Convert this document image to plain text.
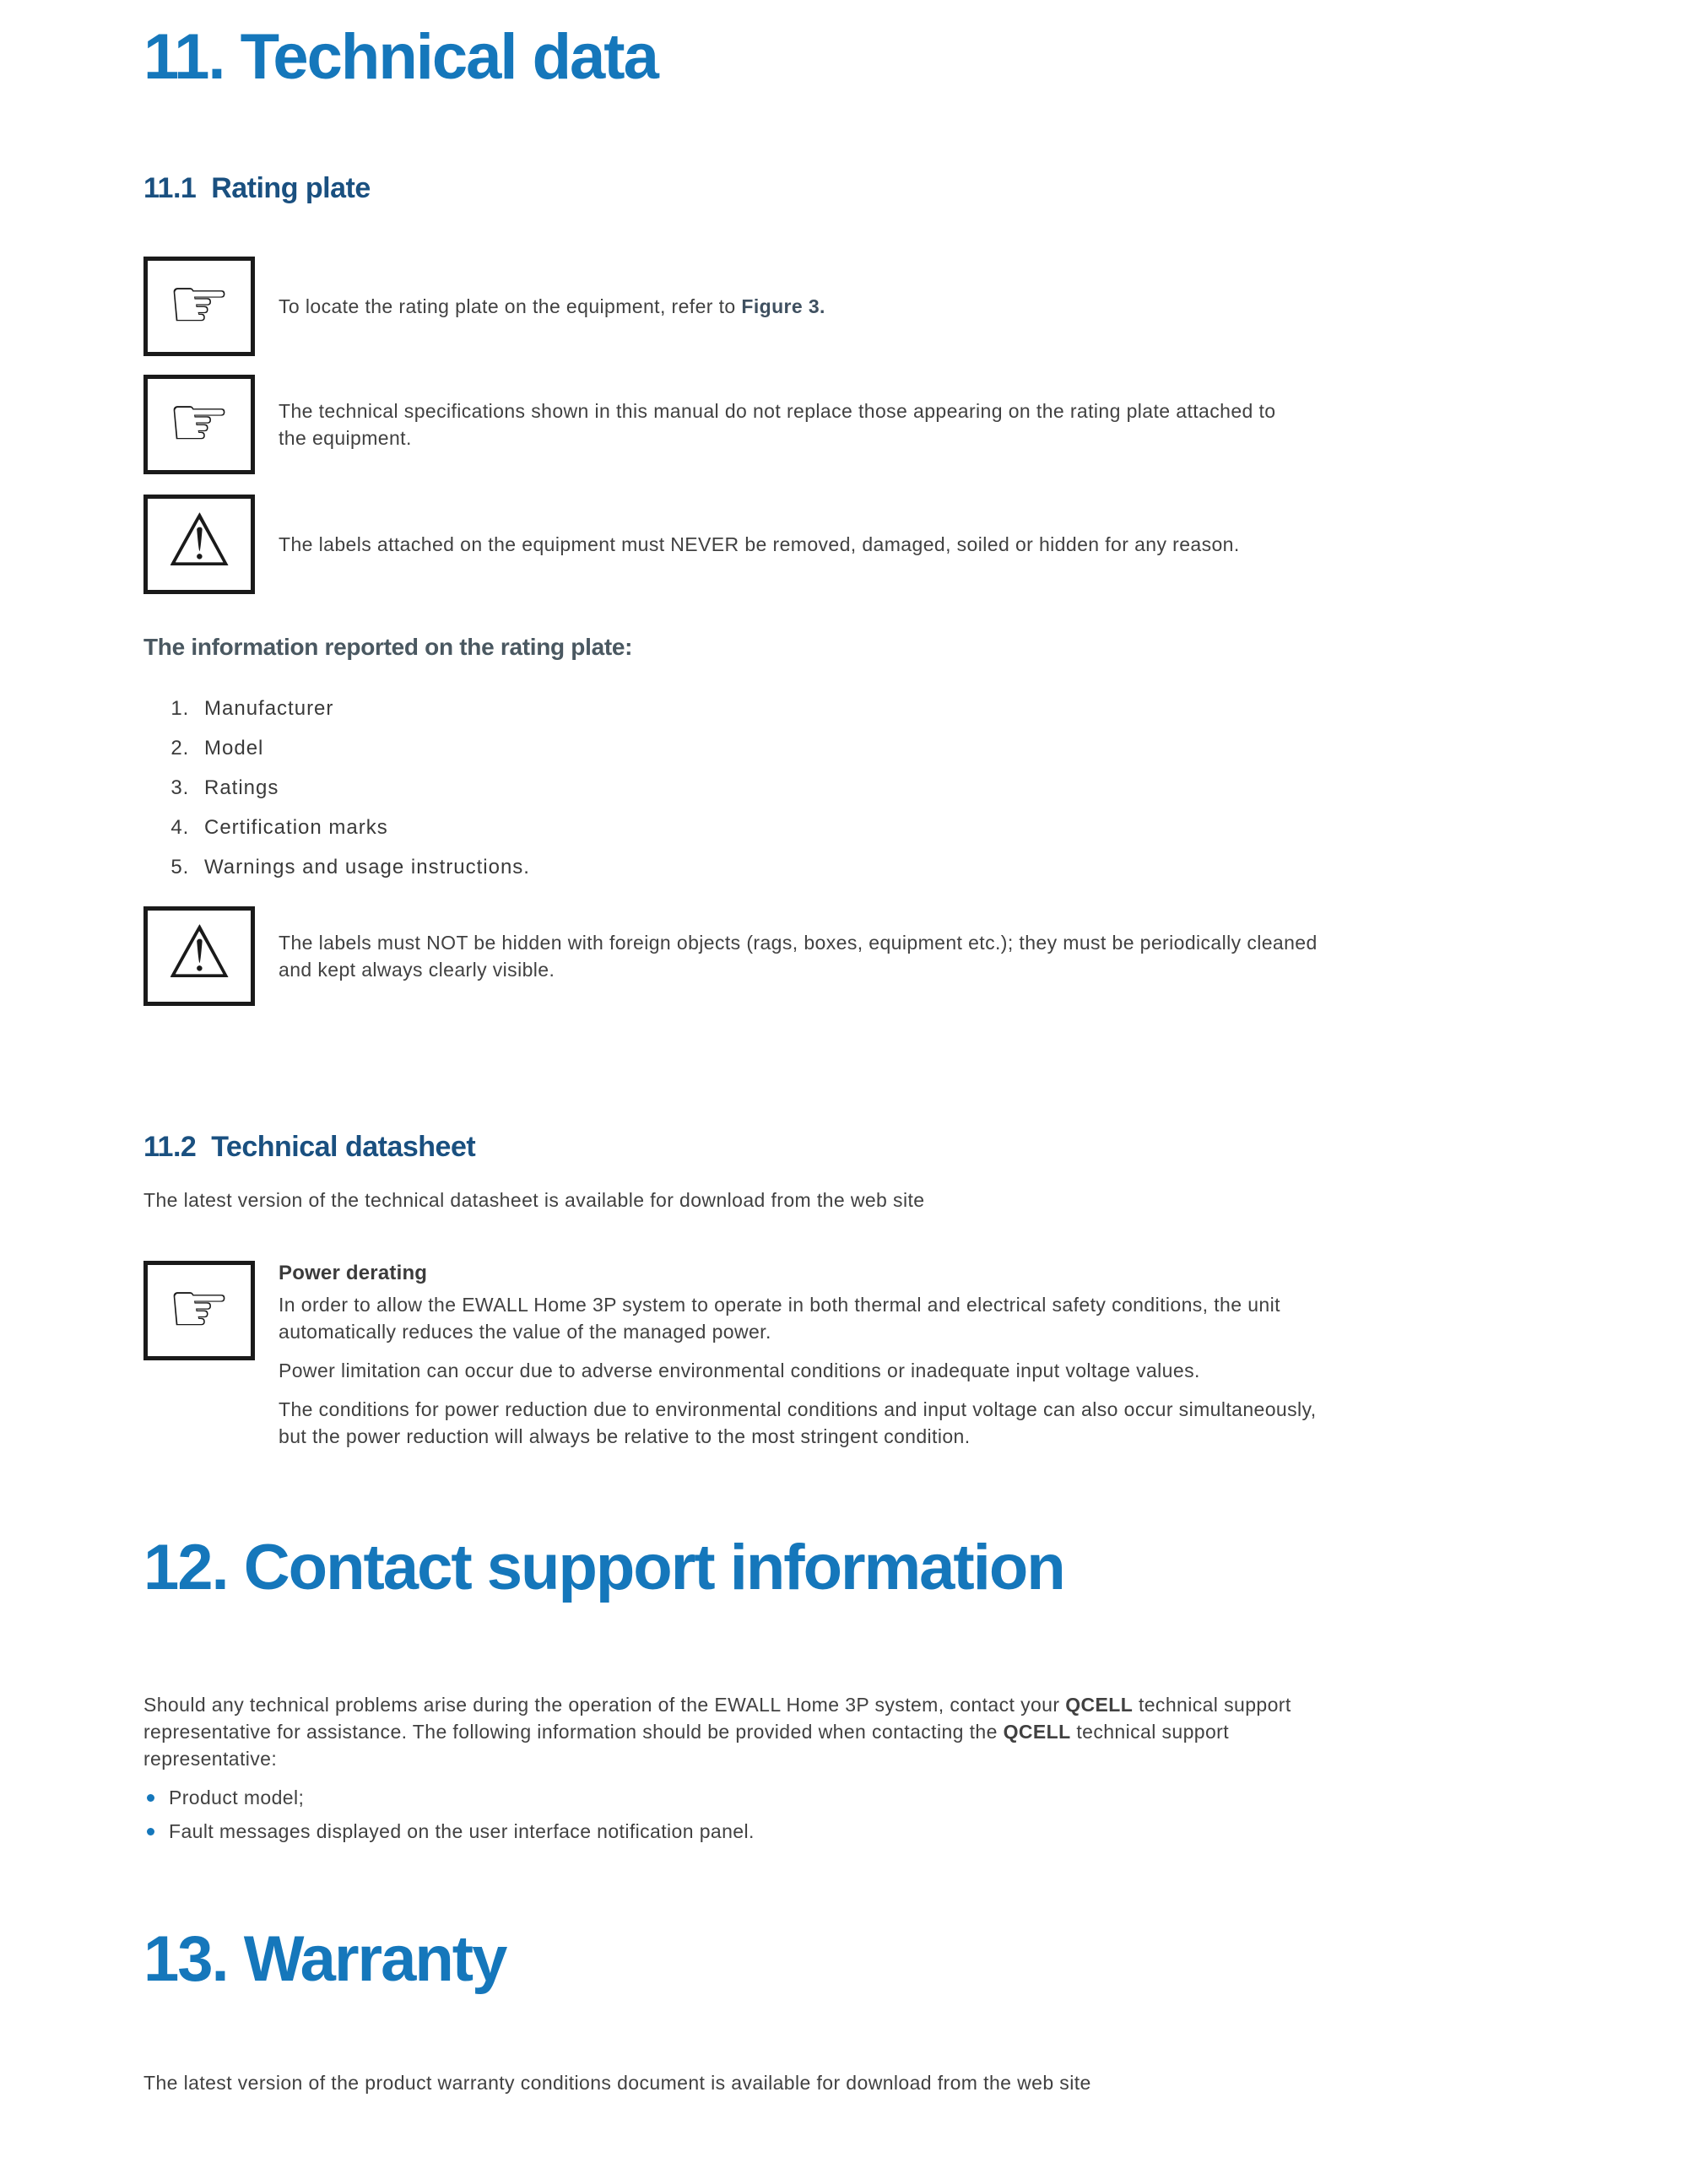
11. Technical data
11.1  Rating plate
☞ To locate the rating plate on the equipment, refer to Figure 3.

☞ The technical specifications shown in this manual do not replace those appearing on the rating plate attached to
the equipment.

⚠ The labels attached on the equipment must NEVER be removed, damaged, soiled or hidden for any reason.

The information reported on the rating plate:
1. Manufacturer
2. Model
3. Ratings
4. Certification marks
5. Warnings and usage instructions.
⚠ The labels must NOT be hidden with foreign objects (rags, boxes, equipment etc.); they must be periodically cleaned
and kept always clearly visible.

11.2  Technical datasheet

The latest version of the technical datasheet is available for download from the web site

☞ Power derating

In order to allow the EWALL Home 3P system to operate in both thermal and electrical safety conditions, the unit
automatically reduces the value of the managed power.

Power limitation can occur due to adverse environmental conditions or inadequate input voltage values.

The conditions for power reduction due to environmental conditions and input voltage can also occur simultaneously,
but the power reduction will always be relative to the most stringent condition.

12. Contact support information

Should any technical problems arise during the operation of the EWALL Home 3P system, contact your QCELL technical support
representative for assistance. The following information should be provided when contacting the QCELL technical support
representative:

Product model;
Fault messages displayed on the user interface notification panel.
13. Warranty

The latest version of the product warranty conditions document is available for download from the web site
